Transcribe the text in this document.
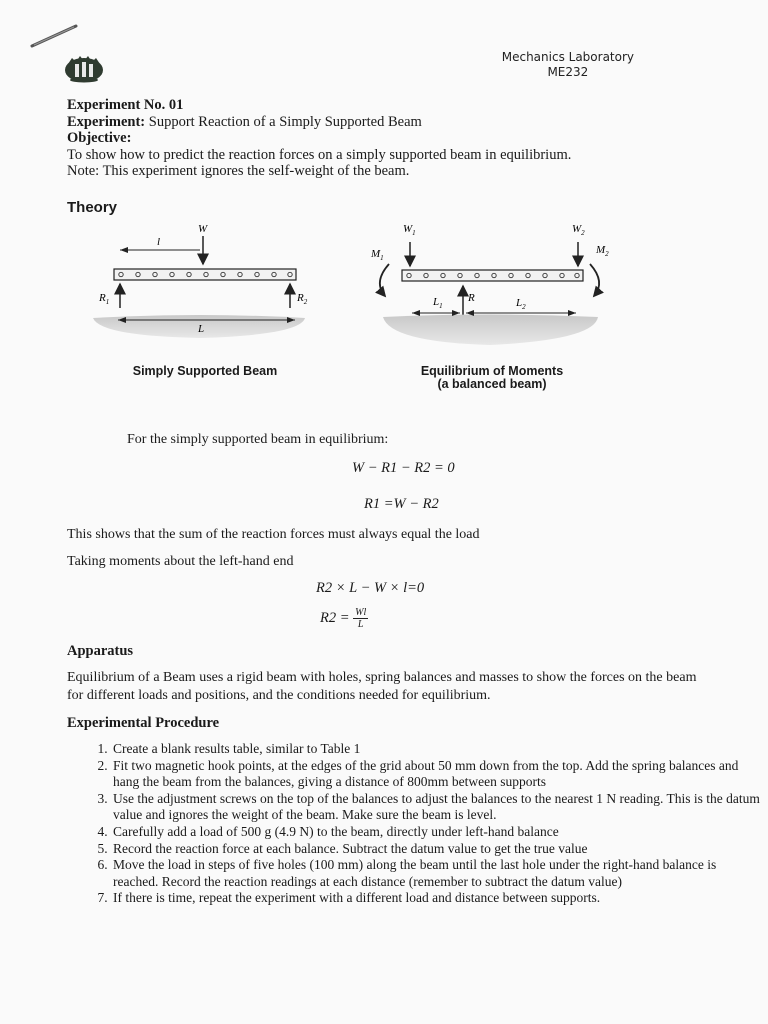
Mechanics Laboratory
ME232
Experiment No. 01
Experiment: Support Reaction of a Simply Supported Beam
Objective:
To show how to predict the reaction forces on a simply supported beam in equilibrium.
Note: This experiment ignores the self-weight of the beam.
Theory
W
l
$R_1$	$R_2$
L
$W_1$	$W_2$
$M_1$
$M_2$
R
$L_1$	$L_2$
Simply Supported Beam	Equilibrium of Moments
(a balanced beam)
For the simply supported beam in equilibrium:
W − R1 − R2 = 0
R1 =W − R2
This shows that the sum of the reaction forces must always equal the load
Taking moments about the left-hand end
R2 × L − W × l=0
$R2 = \frac{Wl}{L}$
Apparatus
Equilibrium of a Beam uses a rigid beam with holes, spring balances and masses to show the forces on the beam for different loads and positions, and the conditions needed for equilibrium.
Experimental Procedure
1. Create a blank results table, similar to Table 1
2. Fit two magnetic hook points, at the edges of the grid about 50 mm down from the top. Add the spring balances and hang the beam from the balances, giving a distance of 800mm between supports
3. Use the adjustment screws on the top of the balances to adjust the balances to the nearest 1 N reading. This is the datum value and ignores the weight of the beam. Make sure the beam is level.
4. Carefully add a load of 500 g (4.9 N) to the beam, directly under left-hand balance
5. Record the reaction force at each balance. Subtract the datum value to get the true value
6. Move the load in steps of five holes (100 mm) along the beam until the last hole under the right-hand balance is reached. Record the reaction readings at each distance (remember to subtract the datum value)
7. If there is time, repeat the experiment with a different load and distance between supports.
